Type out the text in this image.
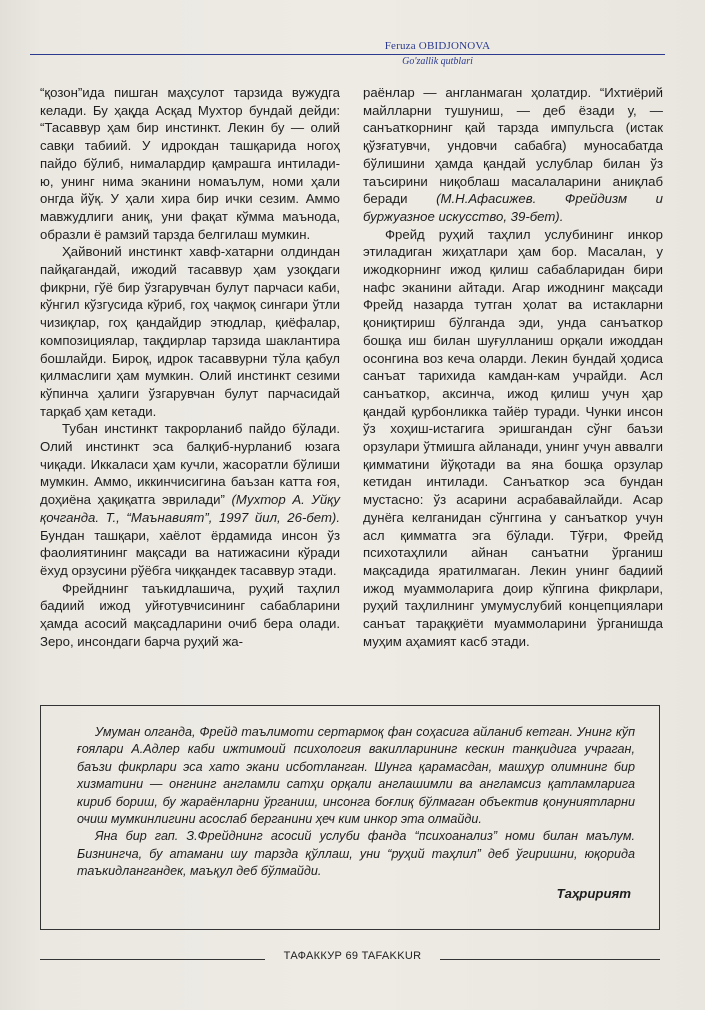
Feruza OBIDJONOVA
Go'zallik qutblari

“қозон”ида пишган маҳсулот тарзида вужудга келади. Бу ҳақда Асқад Мухтор бундай дейди: “Тасаввур ҳам бир инстинкт. Лекин бу — олий савқи табиий. У идрокдан ташқарида ногоҳ пайдо бўлиб, нималардир қамрашга интилади-ю, унинг нима эканини номаълум, номи ҳали онгда йўқ. У ҳали хира бир ички сезим. Аммо мавжудлиги аниқ, уни фақат кўмма маънода, образли ё рамзий тарзда белгилаш мумкин.

Ҳайвоний инстинкт хавф-хатарни олдиндан пайқагандай, ижодий тасаввур ҳам узоқдаги фикрни, гўё бир ўзгарувчан булут парчаси каби, кўнгил кўзгусида кўриб, гоҳ чақмоқ сингари ўтли чизиқлар, гоҳ қандайдир этюдлар, қиёфалар, композициялар, тақдирлар тарзида шаклантира бошлайди. Бироқ, идрок тасаввурни тўла қабул қилмаслиги ҳам мумкин. Олий инстинкт сезими кўпинча ҳалиги ўзгарувчан булут парчасидай тарқаб ҳам кетади.

Тубан инстинкт такрорланиб пайдо бўлади. Олий инстинкт эса балқиб-нурланиб юзага чиқади. Иккаласи ҳам кучли, жасоратли бўлиши мумкин. Аммо, иккинчисигина баъзан катта ғоя, доҳиёна ҳақиқатга эврилади” (Мухтор А. Уйқу қочганда. Т., “Маънавият”, 1997 йил, 26-бет). Бундан ташқари, хаёлот ёрдамида инсон ўз фаолиятининг мақсади ва натижасини кўради ёхуд орзусини рўёбга чиққандек тасаввур этади.

Фрейднинг таъкидлашича, руҳий таҳлил бадиий ижод уйғотувчисининг сабабларини ҳамда асосий мақсадларини очиб бера олади. Зеро, инсондаги барча руҳий жа-

раёнлар — англанмаган ҳолатдир. “Ихтиёрий майлларни тушуниш, — деб ёзади у, — санъаткорнинг қай тарзда импульсга (истак қўзғатувчи, ундовчи сабабга) муносабатда бўлишини ҳамда қандай услублар билан ўз таъсирини ниқоблаш масалаларини аниқлаб беради (М.Н.Афасижев. Фрейдизм и буржуазное искусство, 39-бет).

Фрейд руҳий таҳлил услубининг инкор этиладиган жиҳатлари ҳам бор. Масалан, у ижодкорнинг ижод қилиш сабабларидан бири нафс эканини айтади. Агар ижоднинг мақсади Фрейд назарда тутган ҳолат ва истакларни қониқтириш бўлганда эди, унда санъаткор бошқа иш билан шуғулланиш орқали ижоддан осонгина воз кеча оларди. Лекин бундай ҳодиса санъат тарихида камдан-кам учрайди. Асл санъаткор, аксинча, ижод қилиш учун ҳар қандай қурбонликка тайёр туради. Чунки инсон ўз хоҳиш-истагига эришгандан сўнг баъзи орзулари ўтмишга айланади, унинг учун аввалги қимматини йўқотади ва яна бошқа орзулар кетидан интилади. Санъаткор эса бундан мустасно: ўз асарини асрабавайлайди. Асар дунёга келганидан сўнггина у санъаткор учун асл қимматга эга бўлади. Тўғри, Фрейд психотаҳлили айнан санъатни ўрганиш мақсадида яратилмаган. Лекин унинг бадиий ижод муаммоларига доир кўпгина фикрлари, руҳий таҳлилнинг умумуслубий концепциялари санъат тараққиёти муаммоларини ўрганишда муҳим аҳамият касб этади.

Умуман олганда, Фрейд таълимоти сертармоқ фан соҳасига айланиб кетган. Унинг кўп ғоялари А.Адлер каби ижтимоий психология вакилларининг кескин танқидига учраган, баъзи фикрлари эса хато экани исботланган. Шунга қарамасдан, машҳур олимнинг бир хизматини — онгнинг англамли сатҳи орқали англашимли ва англамсиз қатламларига кириб бориш, бу жараёнларни ўрганиш, инсонга боғлиқ бўлмаган объектив қонуниятларни очиш мумкинлигини асослаб берганини ҳеч ким инкор эта олмайди.

Яна бир гап. З.Фрейднинг асосий услуби фанда “психоанализ” номи билан маълум. Бизнингча, бу атамани шу тарзда қўллаш, уни “руҳий таҳлил” деб ўгиришни, юқорида таъкидлангандек, маъқул деб бўлмайди.

Таҳририят
ТАФАККУР 69 TAFAKKUR
